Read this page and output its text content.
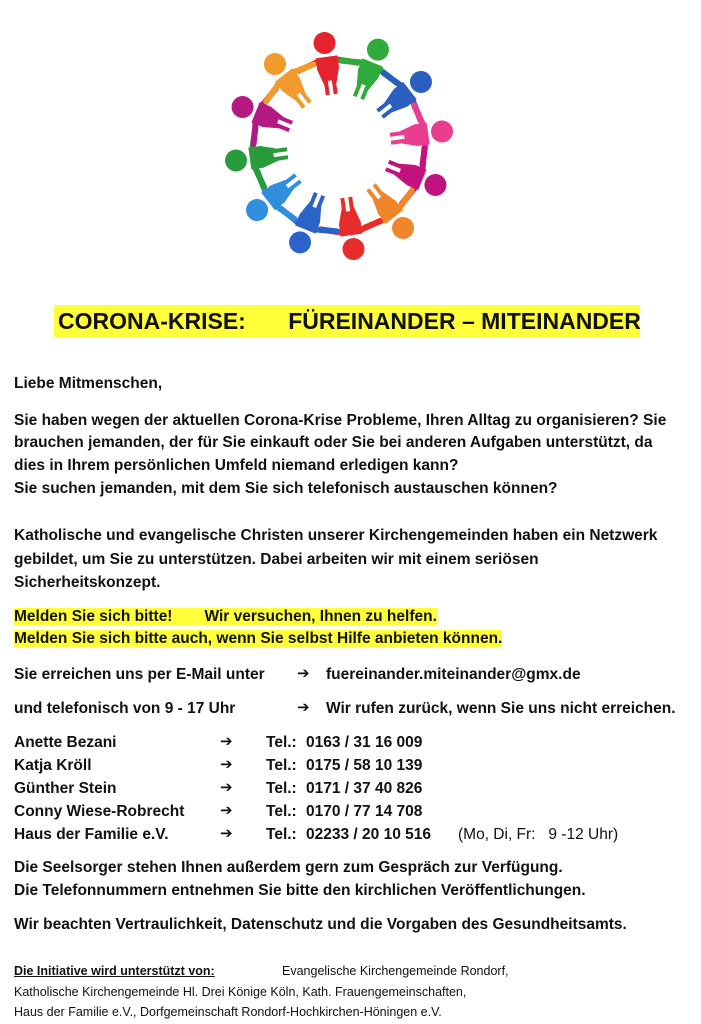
CORONA-KRISE: FÜREINANDER – MITEINANDER
Liebe Mitmenschen,
Sie haben wegen der aktuellen Corona-Krise Probleme, Ihren Alltag zu organisieren? Sie
brauchen jemanden, der für Sie einkauft oder Sie bei anderen Aufgaben unterstützt, da
dies in Ihrem persönlichen Umfeld niemand erledigen kann?
Sie suchen jemanden, mit dem Sie sich telefonisch austauschen können?
Katholische und evangelische Christen unserer Kirchengemeinden haben ein Netzwerk
gebildet, um Sie zu unterstützen. Dabei arbeiten wir mit einem seriösen
Sicherheitskonzept.
Melden Sie sich bitte! Wir versuchen, Ihnen zu helfen.
Melden Sie sich bitte auch, wenn Sie selbst Hilfe anbieten können.
Sie erreichen uns per E-Mail unter ➔ fuereinander.miteinander@gmx.de
und telefonisch von 9 - 17 Uhr	➔ Wir rufen zurück, wenn Sie uns nicht erreichen.
Anette Bezani	➔ Tel.: 0163 / 31 16 009
Katja Kröll	➔ Tel.: 0175 / 58 10 139
Günther Stein	➔ Tel.: 0171 / 37 40 826
Conny Wiese-Robrecht ➔ Tel.: 0170 / 77 14 708
Haus der Familie e.V.	➔ Tel.: 02233 / 20 10 516 (Mo, Di, Fr:   9 -12 Uhr)
Die Seelsorger stehen Ihnen außerdem gern zum Gespräch zur Verfügung.
Die Telefonnummern entnehmen Sie bitte den kirchlichen Veröffentlichungen.
Wir beachten Vertraulichkeit, Datenschutz und die Vorgaben des Gesundheitsamts.
Die Initiative wird unterstützt von:	Evangelische Kirchengemeinde Rondorf,
Katholische Kirchengemeinde Hl. Drei Könige Köln, Kath. Frauengemeinschaften,
Haus der Familie e.V., Dorfgemeinschaft Rondorf-Hochkirchen-Höningen e.V.
